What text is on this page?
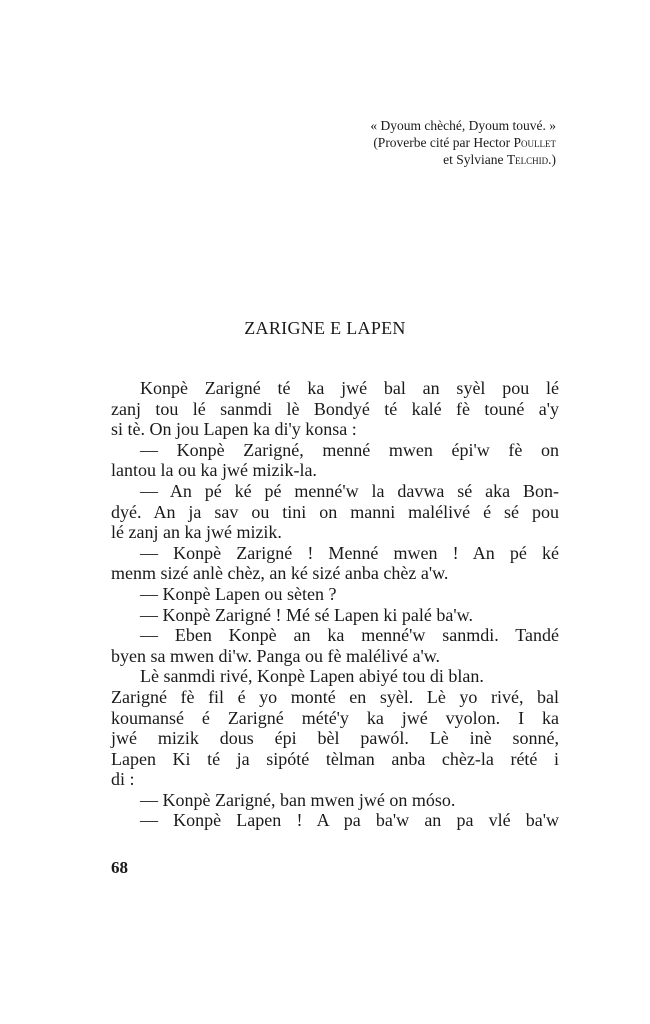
« Dyoum chèché, Dyoum touvé. »
(Proverbe cité par Hector Poullet
et Sylviane Telchid.)
ZARIGNE E LAPEN
Konpè Zarigné té ka jwé bal an syèl pou lé
zanj tou lé sanmdi lè Bondyé té kalé fè touné a'y
si tè. On jou Lapen ka di'y konsa :
— Konpè Zarigné, menné mwen épi'w fè on
lantou la ou ka jwé mizik-la.
— An pé ké pé menné'w la davwa sé aka Bon-
dyé. An ja sav ou tini on manni malélivé é sé pou
lé zanj an ka jwé mizik.
— Konpè Zarigné ! Menné mwen ! An pé ké
menm sizé anlè chèz, an ké sizé anba chèz a'w.
— Konpè Lapen ou sèten ?
— Konpè Zarigné ! Mé sé Lapen ki palé ba'w.
— Eben Konpè an ka menné'w sanmdi. Tandé
byen sa mwen di'w. Panga ou fè malélivé a'w.
Lè sanmdi rivé, Konpè Lapen abiyé tou di blan.
Zarigné fè fil é yo monté en syèl. Lè yo rivé, bal
koumansé é Zarigné mété'y ka jwé vyolon. I ka
jwé mizik dous épi bèl pawól. Lè inè sonné,
Lapen Ki té ja sipóté tèlman anba chèz-la rété i
di :
— Konpè Zarigné, ban mwen jwé on móso.
— Konpè Lapen ! A pa ba'w an pa vlé ba'w
68
